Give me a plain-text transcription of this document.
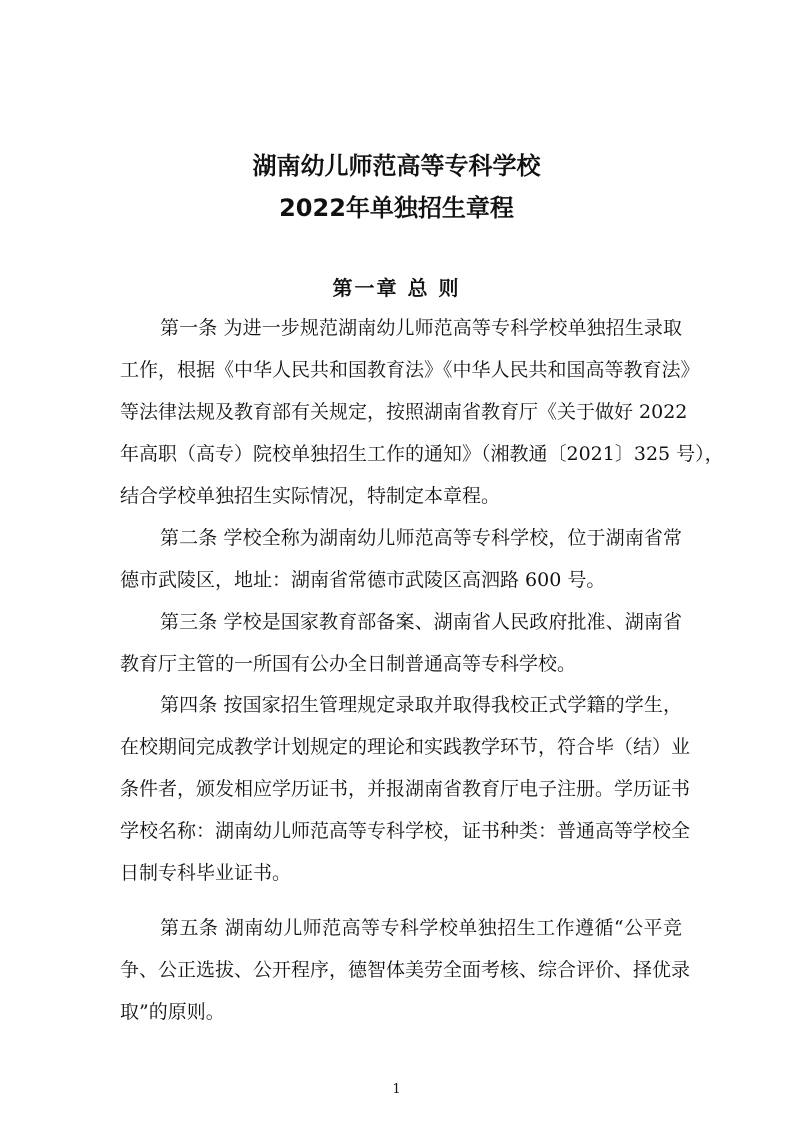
湖南幼儿师范高等专科学校
2022年单独招生章程
第一章 总 则
第一条 为进一步规范湖南幼儿师范高等专科学校单独招生录取
工作，根据《中华人民共和国教育法》《中华人民共和国高等教育法》
等法律法规及教育部有关规定，按照湖南省教育厅《关于做好 2022
年高职（高专）院校单独招生工作的通知》（湘教通〔2021〕325 号），
结合学校单独招生实际情况，特制定本章程。
第二条 学校全称为湖南幼儿师范高等专科学校，位于湖南省常
德市武陵区，地址：湖南省常德市武陵区高泗路 600 号。
第三条 学校是国家教育部备案、湖南省人民政府批准、湖南省
教育厅主管的一所国有公办全日制普通高等专科学校。
第四条 按国家招生管理规定录取并取得我校正式学籍的学生，
在校期间完成教学计划规定的理论和实践教学环节，符合毕（结）业
条件者，颁发相应学历证书，并报湖南省教育厅电子注册。学历证书
学校名称：湖南幼儿师范高等专科学校，证书种类：普通高等学校全
日制专科毕业证书。
第五条 湖南幼儿师范高等专科学校单独招生工作遵循“公平竞
争、公正选拔、公开程序，德智体美劳全面考核、综合评价、择优录
取”的原则。
1
